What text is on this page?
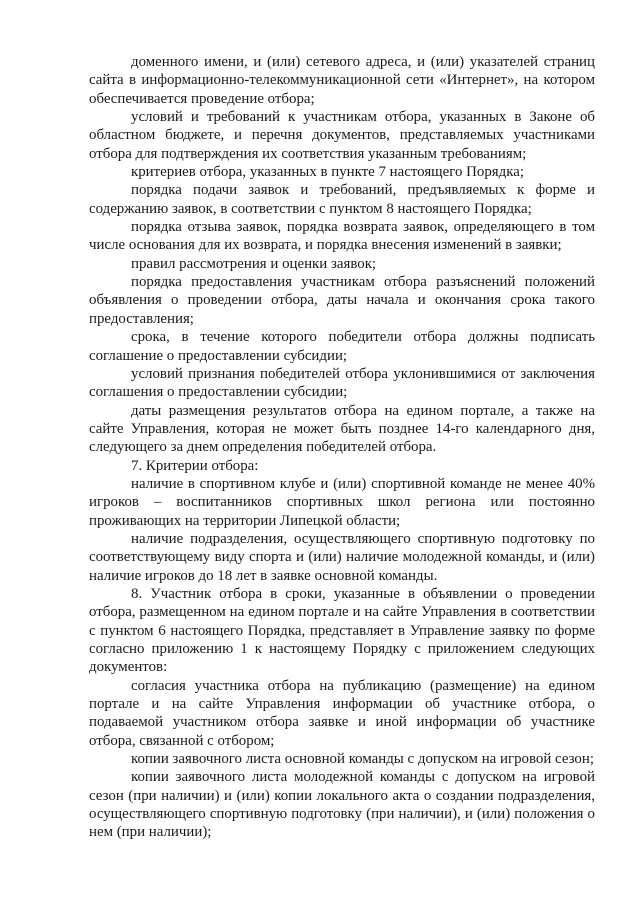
доменного имени, и (или) сетевого адреса, и (или) указателей страниц сайта в информационно-телекоммуникационной сети «Интернет», на котором обеспечивается проведение отбора;

условий и требований к участникам отбора, указанных в Законе об областном бюджете, и перечня документов, представляемых участниками отбора для подтверждения их соответствия указанным требованиям;

критериев отбора, указанных в пункте 7 настоящего Порядка;

порядка подачи заявок и требований, предъявляемых к форме и содержанию заявок, в соответствии с пунктом 8 настоящего Порядка;

порядка отзыва заявок, порядка возврата заявок, определяющего в том числе основания для их возврата, и порядка внесения изменений в заявки;

правил рассмотрения и оценки заявок;

порядка предоставления участникам отбора разъяснений положений объявления о проведении отбора, даты начала и окончания срока такого предоставления;

срока, в течение которого победители отбора должны подписать соглашение о предоставлении субсидии;

условий признания победителей отбора уклонившимися от заключения соглашения о предоставлении субсидии;

даты размещения результатов отбора на едином портале, а также на сайте Управления, которая не может быть позднее 14-го календарного дня, следующего за днем определения победителей отбора.

7. Критерии отбора:

наличие в спортивном клубе и (или) спортивной команде не менее 40% игроков – воспитанников спортивных школ региона или постоянно проживающих на территории Липецкой области;

наличие подразделения, осуществляющего спортивную подготовку по соответствующему виду спорта и (или) наличие молодежной команды, и (или) наличие игроков до 18 лет в заявке основной команды.

8. Участник отбора в сроки, указанные в объявлении о проведении отбора, размещенном на едином портале и на сайте Управления в соответствии с пунктом 6 настоящего Порядка, представляет в Управление заявку по форме согласно приложению 1 к настоящему Порядку с приложением следующих документов:

согласия участника отбора на публикацию (размещение) на едином портале и на сайте Управления информации об участнике отбора, о подаваемой участником отбора заявке и иной информации об участнике отбора, связанной с отбором;

копии заявочного листа основной команды с допуском на игровой сезон;

копии заявочного листа молодежной команды с допуском на игровой сезон (при наличии) и (или) копии локального акта о создании подразделения, осуществляющего спортивную подготовку (при наличии), и (или) положения о нем (при наличии);
